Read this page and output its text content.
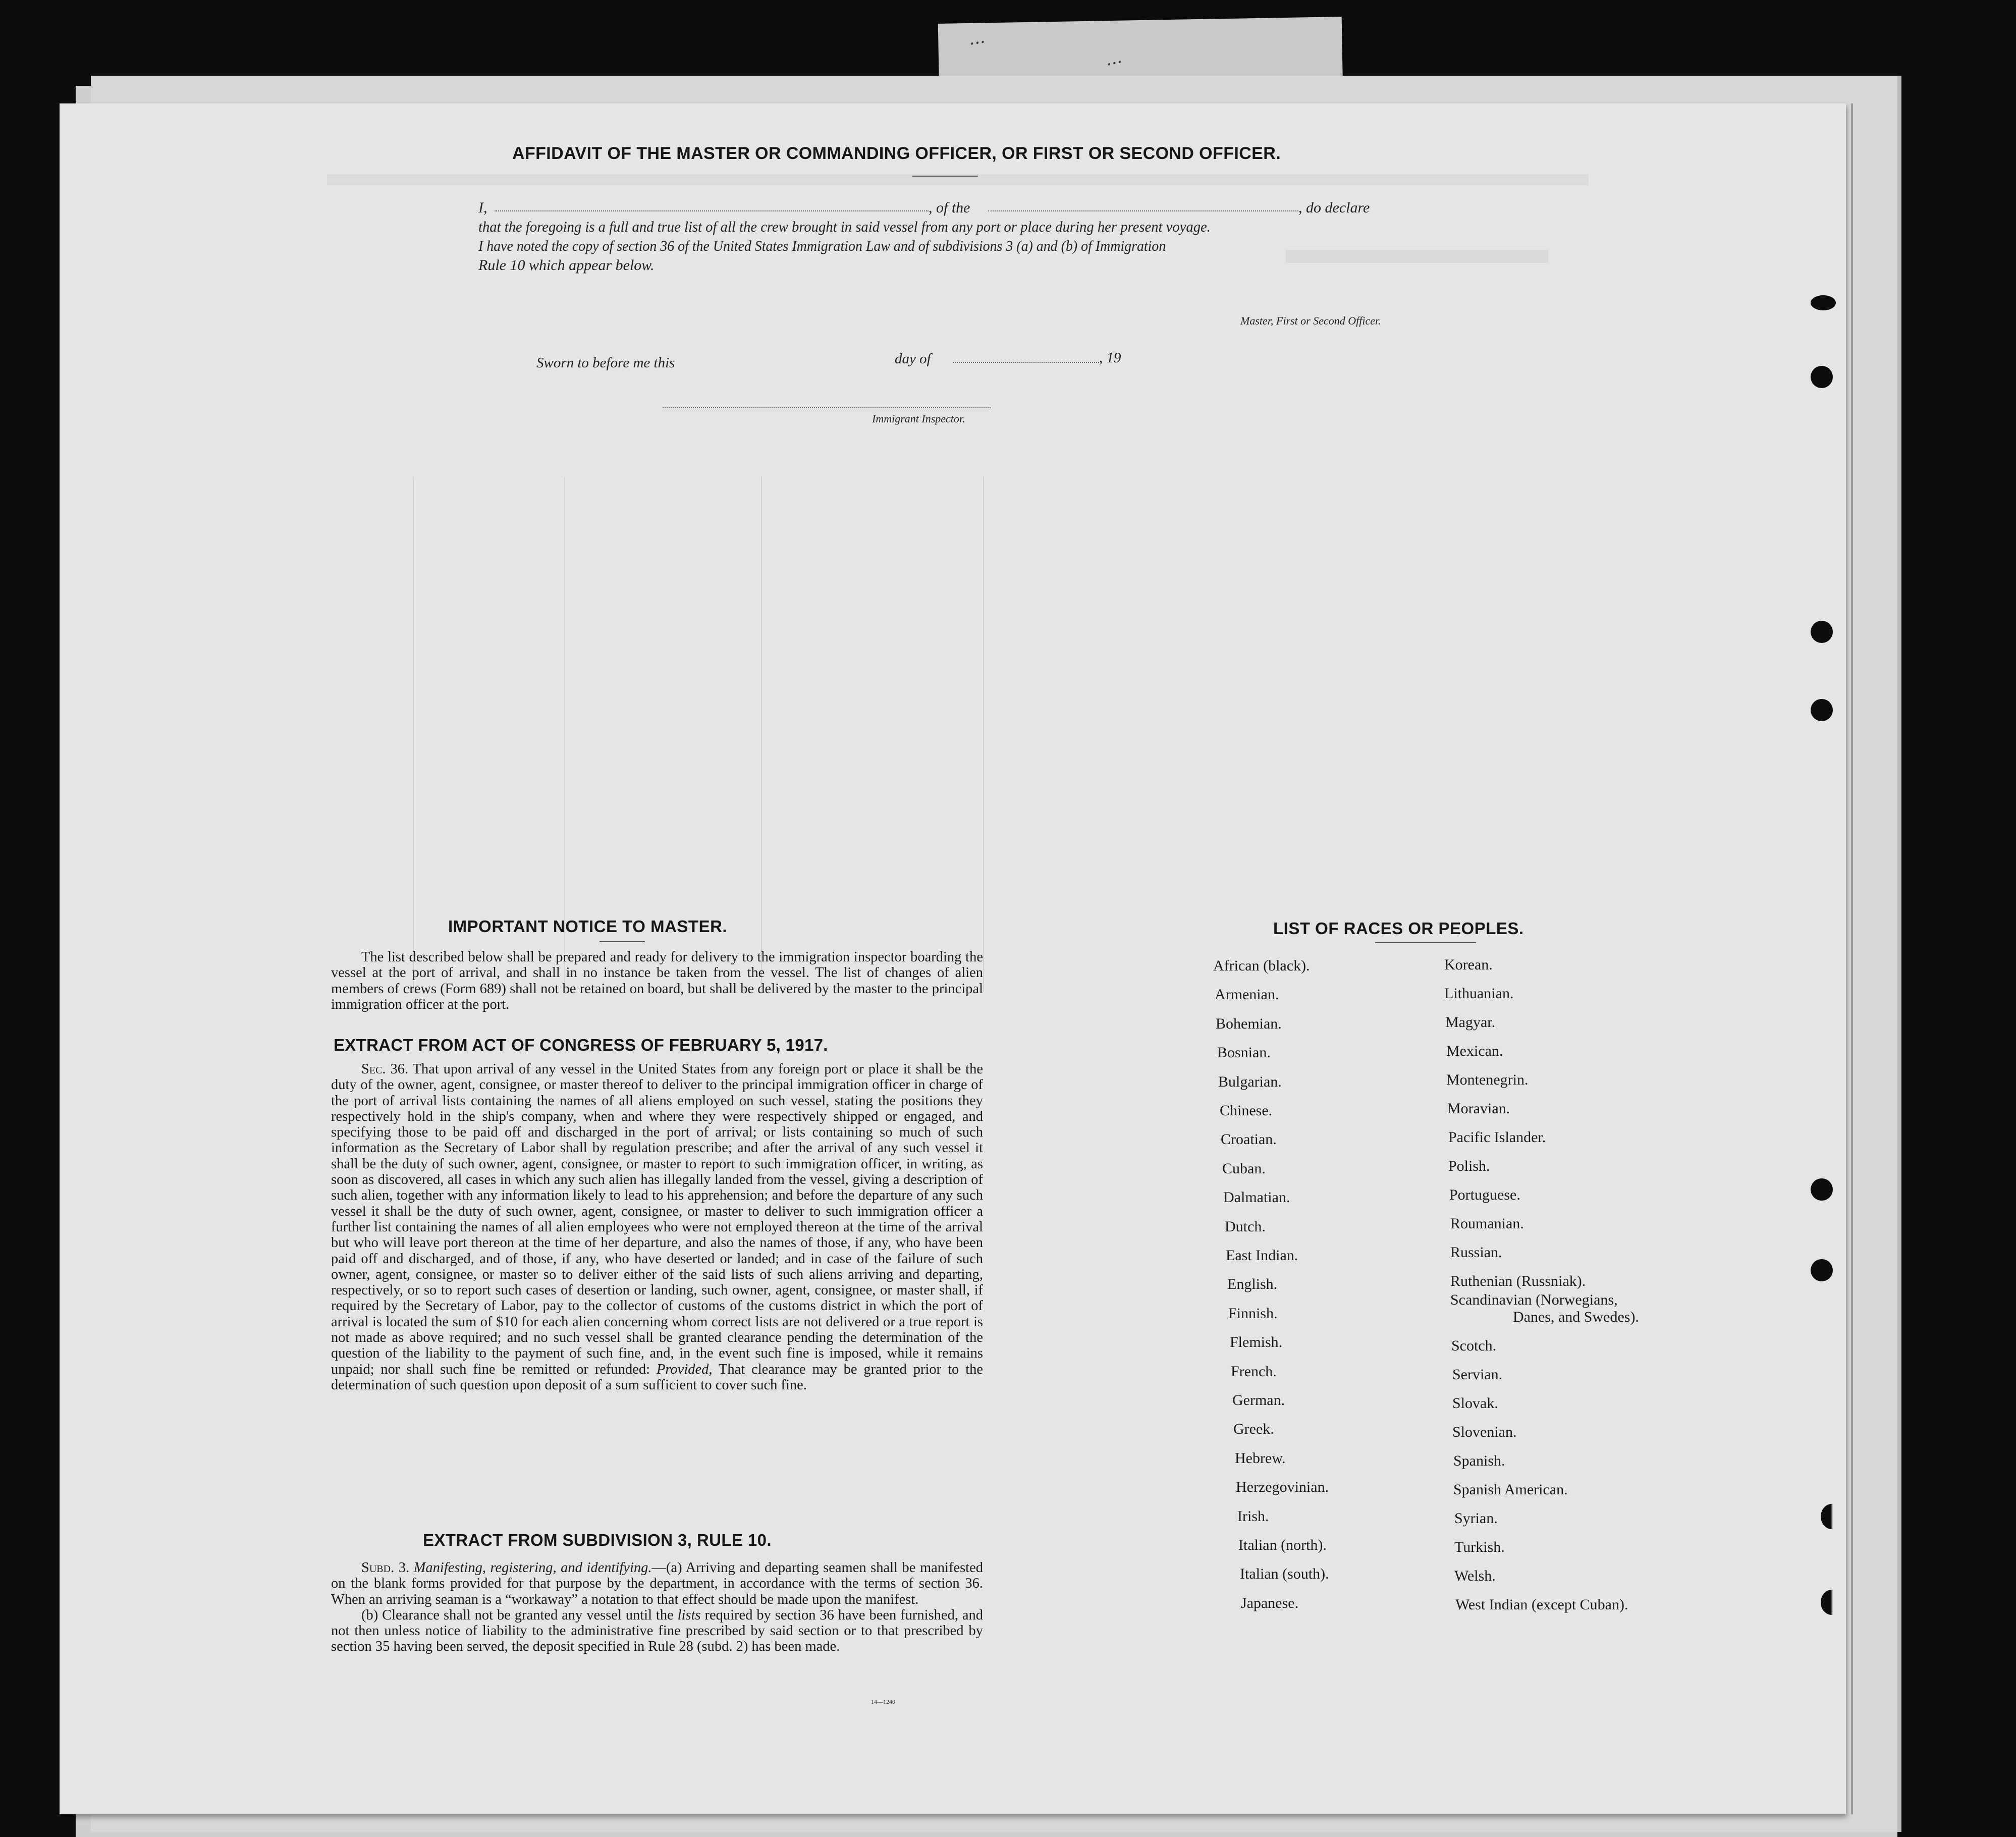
...
...
AFFIDAVIT OF THE MASTER OR COMMANDING OFFICER, OR FIRST OR SECOND OFFICER.
I,	, of the	, do declare
that the foregoing is a full and true list of all the crew brought in said vessel from any port or place during her present voyage.
I have noted the copy of section 36 of the United States Immigration Law and of subdivisions 3 (a) and (b) of Immigration
Rule 10 which appear below.
Master, First or Second Officer.
Sworn to before me this	day of	, 19
Immigrant Inspector.
IMPORTANT NOTICE TO MASTER.
The list described below shall be prepared and ready for delivery to the immigration inspector boarding the vessel at the port of arrival, and shall in no instance be taken from the vessel. The list of changes of alien members of crews (Form 689) shall not be retained on board, but shall be delivered by the master to the principal immigration officer at the port.
EXTRACT FROM ACT OF CONGRESS OF FEBRUARY 5, 1917.
Sec. 36. That upon arrival of any vessel in the United States from any foreign port or place it shall be the duty of the owner, agent, consignee, or master thereof to deliver to the principal immigration officer in charge of the port of arrival lists containing the names of all aliens employed on such vessel, stating the positions they respectively hold in the ship's company, when and where they were respectively shipped or engaged, and specifying those to be paid off and discharged in the port of arrival; or lists containing so much of such information as the Secretary of Labor shall by regulation prescribe; and after the arrival of any such vessel it shall be the duty of such owner, agent, consignee, or master to report to such immigration officer, in writing, as soon as discovered, all cases in which any such alien has illegally landed from the vessel, giving a description of such alien, together with any information likely to lead to his apprehension; and before the departure of any such vessel it shall be the duty of such owner, agent, consignee, or master to deliver to such immigration officer a further list containing the names of all alien employees who were not employed thereon at the time of the arrival but who will leave port thereon at the time of her departure, and also the names of those, if any, who have been paid off and discharged, and of those, if any, who have deserted or landed; and in case of the failure of such owner, agent, consignee, or master so to deliver either of the said lists of such aliens arriving and departing, respectively, or so to report such cases of desertion or landing, such owner, agent, consignee, or master shall, if required by the Secretary of Labor, pay to the collector of customs of the customs district in which the port of arrival is located the sum of $10 for each alien concerning whom correct lists are not delivered or a true report is not made as above required; and no such vessel shall be granted clearance pending the determination of the question of the liability to the payment of such fine, and, in the event such fine is imposed, while it remains unpaid; nor shall such fine be remitted or refunded: Provided, That clearance may be granted prior to the determination of such question upon deposit of a sum sufficient to cover such fine.
EXTRACT FROM SUBDIVISION 3, RULE 10.
Subd. 3. Manifesting, registering, and identifying.—(a) Arriving and departing seamen shall be manifested on the blank forms provided for that purpose by the department, in accordance with the terms of section 36. When an arriving seaman is a “workaway” a notation to that effect should be made upon the manifest.
(b) Clearance shall not be granted any vessel until the lists required by section 36 have been furnished, and not then unless notice of liability to the administrative fine prescribed by said section or to that prescribed by section 35 having been served, the deposit specified in Rule 28 (subd. 2) has been made.
14—1240
LIST OF RACES OR PEOPLES.
African (black).
Armenian.
Bohemian.
Bosnian.
Bulgarian.
Chinese.
Croatian.
Cuban.
Dalmatian.
Dutch.
East Indian.
English.
Finnish.
Flemish.
French.
German.
Greek.
Hebrew.
Herzegovinian.
Irish.
Italian (north).
Italian (south).
Japanese.
Korean.
Lithuanian.
Magyar.
Mexican.
Montenegrin.
Moravian.
Pacific Islander.
Polish.
Portuguese.
Roumanian.
Russian.
Ruthenian (Russniak).
Scandinavian (Norwegians,
Danes, and Swedes).
Scotch.
Servian.
Slovak.
Slovenian.
Spanish.
Spanish American.
Syrian.
Turkish.
Welsh.
West Indian (except Cuban).
